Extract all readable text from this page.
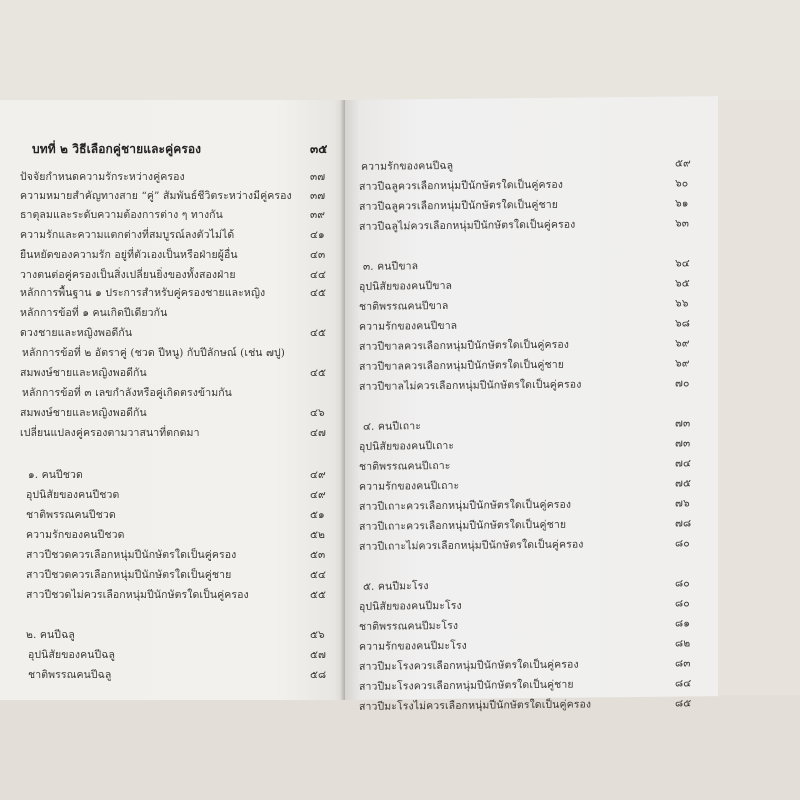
บทที่ ๒ วิธีเลือกคู่ชายและคู่ครอง	๓๕
ปัจจัยกำหนดความรักระหว่างคู่ครอง	๓๗
ความหมายสำคัญทางสาย “คู่” สัมพันธ์ชีวิตระหว่างมีคู่ครอง ๓๗
ธาตุลมและระดับความต้องการต่าง ๆ ทางกัน	๓๙
ความรักและความแตกต่างที่สมบูรณ์ลงตัวไม่ได้	๔๑
ยืนหยัดของความรัก อยู่ที่ตัวเองเป็นหรือฝ่ายผู้อื่น	๔๓
วางตนต่อคู่ครองเป็นสิ่งเปลี่ยนยิ่งของทั้งสองฝ่าย	๔๔
หลักการพื้นฐาน ๑ ประการสำหรับคู่ครองชายและหญิง	๔๕
หลักการข้อที่ ๑ คนเกิดปีเดียวกัน
ดวงชายและหญิงพอดีกัน	๔๕
หลักการข้อที่ ๒ อัตราคู่ (ชวด ปีหนู) กับปีลักษณ์ (เช่น ๗ปู)
สมพงษ์ชายและหญิงพอดีกัน	๔๕
หลักการข้อที่ ๓ เลขกำลังหรือคู่เกิดตรงข้ามกัน
สมพงษ์ชายและหญิงพอดีกัน	๔๖
เปลี่ยนแปลงคู่ครองตามวาสนาที่ตกดมา	๔๗
๑. คนปีชวด	๔๙
อุปนิสัยของคนปีชวด	๔๙
ชาติพรรณคนปีชวด	๕๑
ความรักของคนปีชวด	๕๒
สาวปีชวดควรเลือกหนุ่มปีนักษัตรใดเป็นคู่ครอง	๕๓
สาวปีชวดควรเลือกหนุ่มปีนักษัตรใดเป็นคู่ชาย	๕๔
สาวปีชวดไม่ควรเลือกหนุ่มปีนักษัตรใดเป็นคู่ครอง	๕๕
๒. คนปีฉลู	๕๖
อุปนิสัยของคนปีฉลู	๕๗
ชาติพรรณคนปีฉลู	๕๘
ความรักของคนปีฉลู	๕๙
สาวปีฉลูควรเลือกหนุ่มปีนักษัตรใดเป็นคู่ครอง	๖๐
สาวปีฉลูควรเลือกหนุ่มปีนักษัตรใดเป็นคู่ชาย	๖๑
สาวปีฉลูไม่ควรเลือกหนุ่มปีนักษัตรใดเป็นคู่ครอง	๖๓
๓. คนปีขาล	๖๔
อุปนิสัยของคนปีขาล	๖๕
ชาติพรรณคนปีขาล	๖๖
ความรักของคนปีขาล	๖๘
สาวปีขาลควรเลือกหนุ่มปีนักษัตรใดเป็นคู่ครอง	๖๙
สาวปีขาลควรเลือกหนุ่มปีนักษัตรใดเป็นคู่ชาย	๖๙
สาวปีขาลไม่ควรเลือกหนุ่มปีนักษัตรใดเป็นคู่ครอง	๗๐
๔. คนปีเถาะ	๗๓
อุปนิสัยของคนปีเถาะ	๗๓
ชาติพรรณคนปีเถาะ	๗๔
ความรักของคนปีเถาะ	๗๕
สาวปีเถาะควรเลือกหนุ่มปีนักษัตรใดเป็นคู่ครอง	๗๖
สาวปีเถาะควรเลือกหนุ่มปีนักษัตรใดเป็นคู่ชาย	๗๘
สาวปีเถาะไม่ควรเลือกหนุ่มปีนักษัตรใดเป็นคู่ครอง	๘๐
๕. คนปีมะโรง	๘๐
อุปนิสัยของคนปีมะโรง	๘๐
ชาติพรรณคนปีมะโรง	๘๑
ความรักของคนปีมะโรง	๘๒
สาวปีมะโรงควรเลือกหนุ่มปีนักษัตรใดเป็นคู่ครอง	๘๓
สาวปีมะโรงควรเลือกหนุ่มปีนักษัตรใดเป็นคู่ชาย	๘๔
สาวปีมะโรงไม่ควรเลือกหนุ่มปีนักษัตรใดเป็นคู่ครอง	๘๕
